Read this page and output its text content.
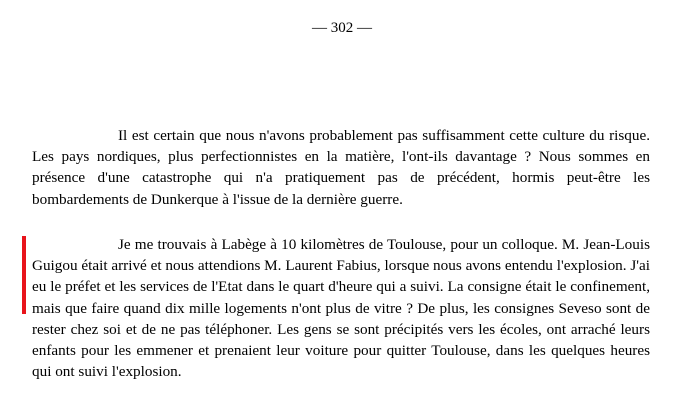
— 302 —

Il est certain que nous n'avons probablement pas suffisamment cette culture du risque. Les pays nordiques, plus perfectionnistes en la matière, l'ont-ils davantage ? Nous sommes en présence d'une catastrophe qui n'a pratiquement pas de précédent, hormis peut-être les bombardements de Dunkerque à l'issue de la dernière guerre.

Je me trouvais à Labège à 10 kilomètres de Toulouse, pour un colloque. M. Jean-Louis Guigou était arrivé et nous attendions M. Laurent Fabius, lorsque nous avons entendu l'explosion. J'ai eu le préfet et les services de l'Etat dans le quart d'heure qui a suivi. La consigne était le confinement, mais que faire quand dix mille logements n'ont plus de vitre ? De plus, les consignes Seveso sont de rester chez soi et de ne pas téléphoner. Les gens se sont précipités vers les écoles, ont arraché leurs enfants pour les emmener et prenaient leur voiture pour quitter Toulouse, dans les quelques heures qui ont suivi l'explosion.
